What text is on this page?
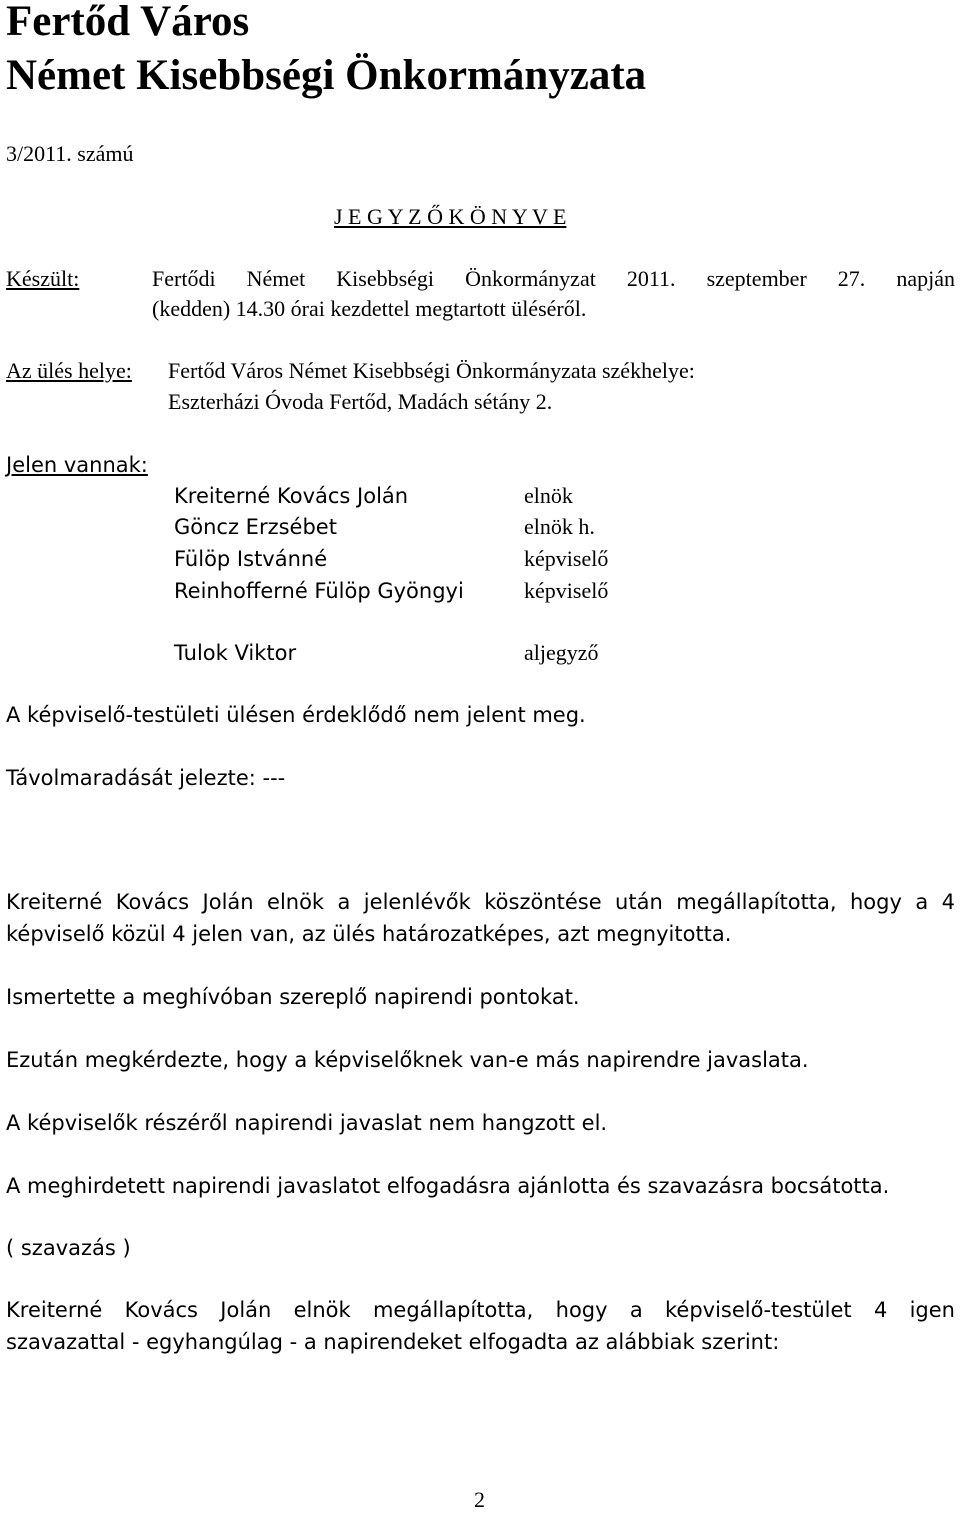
Fertőd Város
Német Kisebbségi Önkormányzata
3/2011. számú
J E G Y Z Ő K Ö N Y V E
Készült:	Fertődi Német Kisebbségi Önkormányzat 2011. szeptember 27. napján
(kedden) 14.30 órai kezdettel megtartott üléséről.
Az ülés helye: Fertőd Város Német Kisebbségi Önkormányzata székhelye:
Eszterházi Óvoda Fertőd, Madách sétány 2.
Jelen vannak:
Kreiterné Kovács Jolán	elnök
Göncz Erzsébet	elnök h.
Fülöp Istvánné	képviselő
Reinhofferné Fülöp Gyöngyi	képviselő
Tulok Viktor	aljegyző
A képviselő-testületi ülésen érdeklődő nem jelent meg.
Távolmaradását jelezte: ---
Kreiterné Kovács Jolán elnök a jelenlévők köszöntése után megállapította, hogy a 4
képviselő közül 4 jelen van, az ülés határozatképes, azt megnyitotta.
Ismertette a meghívóban szereplő napirendi pontokat.
Ezután megkérdezte, hogy a képviselőknek van-e más napirendre javaslata.
A képviselők részéről napirendi javaslat nem hangzott el.
A meghirdetett napirendi javaslatot elfogadásra ajánlotta és szavazásra bocsátotta.
( szavazás )
Kreiterné Kovács Jolán elnök megállapította, hogy a képviselő-testület 4 igen
szavazattal - egyhangúlag - a napirendeket elfogadta az alábbiak szerint:
2
